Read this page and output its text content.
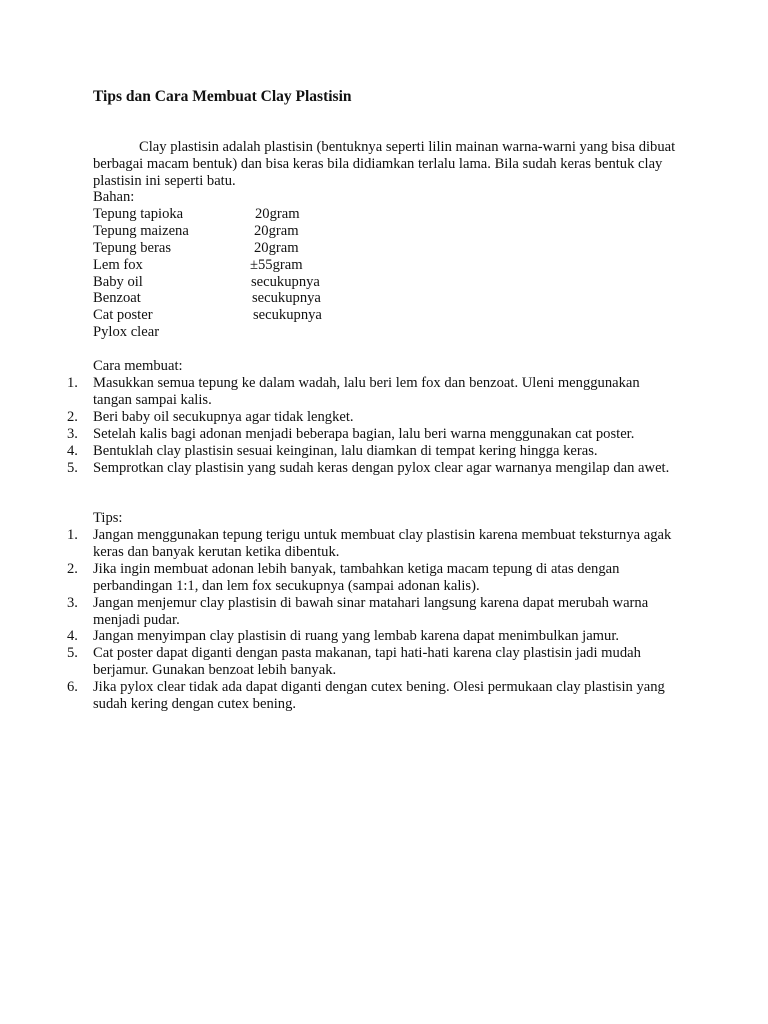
Tips dan Cara Membuat Clay Plastisin

Clay plastisin adalah plastisin (bentuknya seperti lilin mainan warna-warni yang bisa dibuat berbagai macam bentuk) dan bisa keras bila didiamkan terlalu lama. Bila sudah keras bentuk clay plastisin ini seperti batu.

Bahan:

Tepung tapioka	20gram
Tepung maizena	20gram
Tepung beras	20gram
Lem fox	±55gram
Baby oil	secukupnya
Benzoat	secukupnya
Cat poster	secukupnya
Pylox clear

Cara membuat:

1. Masukkan semua tepung ke dalam wadah, lalu beri lem fox dan benzoat. Uleni menggunakan tangan sampai kalis.
2. Beri baby oil secukupnya agar tidak lengket.
3. Setelah kalis bagi adonan menjadi beberapa bagian, lalu beri warna menggunakan cat poster.
4. Bentuklah clay plastisin sesuai keinginan, lalu diamkan di tempat kering hingga keras.
5. Semprotkan clay plastisin yang sudah keras dengan pylox clear agar warnanya mengilap dan awet.

Tips:

1. Jangan menggunakan tepung terigu untuk membuat clay plastisin karena membuat teksturnya agak keras dan banyak kerutan ketika dibentuk.
2. Jika ingin membuat adonan lebih banyak, tambahkan ketiga macam tepung di atas dengan perbandingan 1:1, dan lem fox secukupnya (sampai adonan kalis).
3. Jangan menjemur clay plastisin di bawah sinar matahari langsung karena dapat merubah warna menjadi pudar.
4. Jangan menyimpan clay plastisin di ruang yang lembab karena dapat menimbulkan jamur.
5. Cat poster dapat diganti dengan pasta makanan, tapi hati-hati karena clay plastisin jadi mudah berjamur. Gunakan benzoat lebih banyak.
6. Jika pylox clear tidak ada dapat diganti dengan cutex bening. Olesi permukaan clay plastisin yang sudah kering dengan cutex bening.
